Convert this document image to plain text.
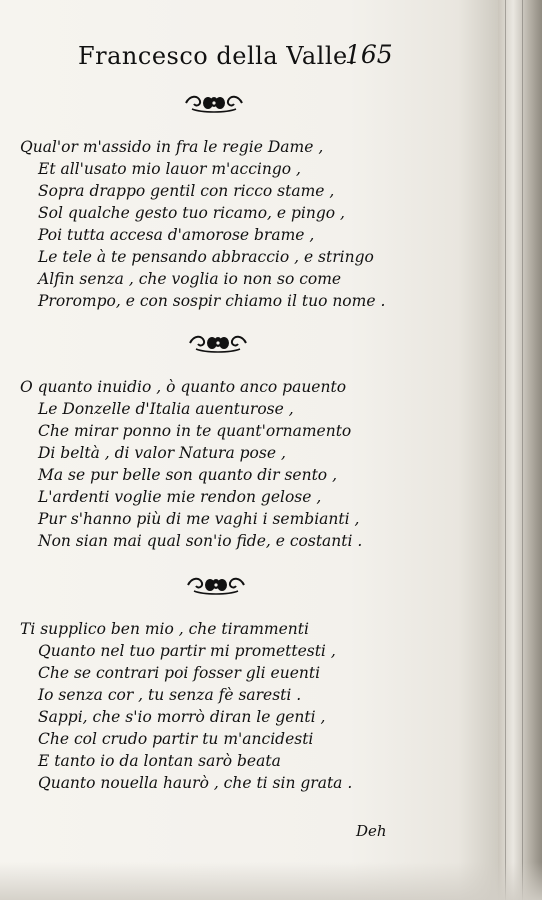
Francesco della Valle.
165
Qual'or m'assido in fra le regie Dame ,
Et all'usato mio lauor m'accingo ,
Sopra drappo gentil con ricco stame ,
Sol qualche gesto tuo ricamo, e pingo ,
Poi tutta accesa d'amorose brame ,
Le tele à te pensando abbraccio , e stringo
Alfin senza , che voglia io non so come
Prorompo, e con sospir chiamo il tuo nome .
O quanto inuidio , ò quanto anco pauento
Le Donzelle d'Italia auenturose ,
Che mirar ponno in te quant'ornamento
Di beltà , di valor Natura pose ,
Ma se pur belle son quanto dir sento ,
L'ardenti voglie mie rendon gelose ,
Pur s'hanno più di me vaghi i sembianti ,
Non sian mai qual son'io fide, e costanti .
Ti supplico ben mio , che tirammenti
Quanto nel tuo partir mi promettesti ,
Che se contrari poi fosser gli euenti
Io senza cor , tu senza fè saresti .
Sappi, che s'io morrò diran le genti ,
Che col crudo partir tu m'ancidesti
E tanto io da lontan sarò beata
Quanto nouella haurò , che ti sin grata .
Deh
